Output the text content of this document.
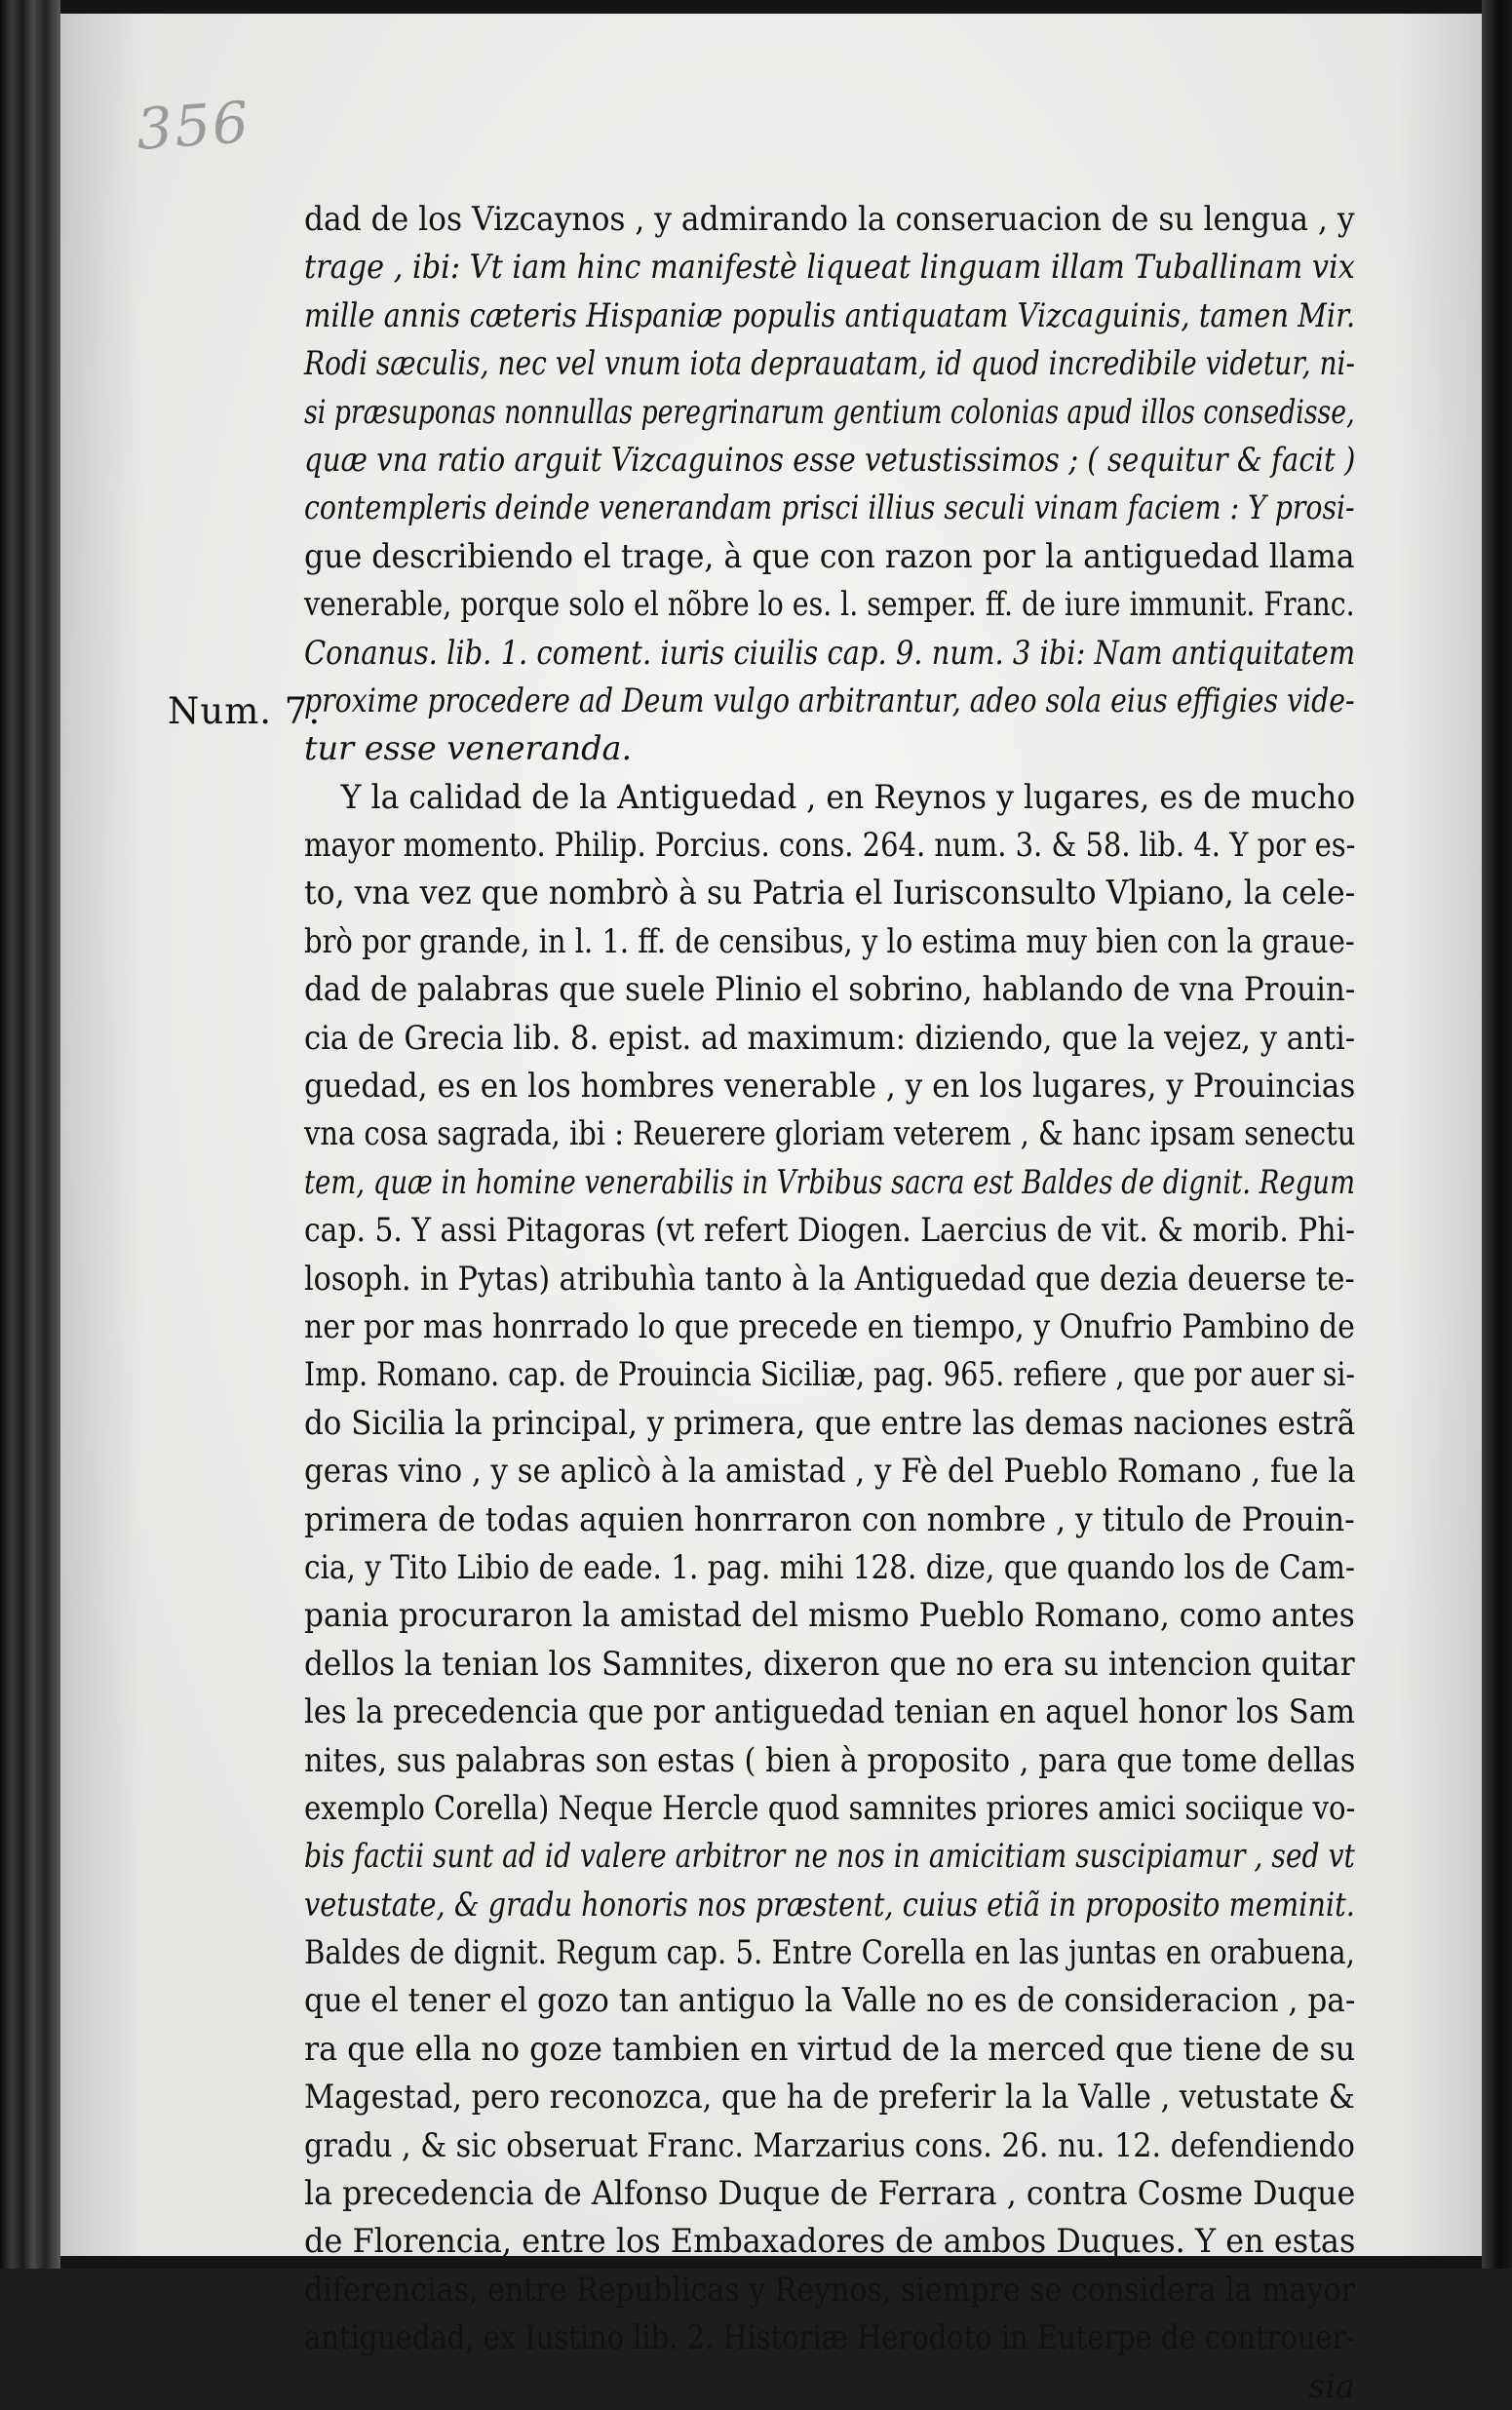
356
Num. 7.
dad de los Vizcaynos , y admirando la conseruacion de su lengua , y
trage , ibi: Vt iam hinc manifestè liqueat linguam illam Tuballinam vix
mille annis cæteris Hispaniæ populis antiquatam Vizcaguinis, tamen Mir.
Rodi sæculis, nec vel vnum iota deprauatam, id quod incredibile videtur, ni-
si præsuponas nonnullas peregrinarum gentium colonias apud illos consedisse,
quæ vna ratio arguit Vizcaguinos esse vetustissimos ; ( sequitur & facit )
contempleris deinde venerandam prisci illius seculi vinam faciem : Y prosi-
gue describiendo el trage, à que con razon por la antiguedad llama
venerable, porque solo el nõbre lo es. l. semper. ff. de iure immunit. Franc.
Conanus. lib. 1. coment. iuris ciuilis cap. 9. num. 3 ibi: Nam antiquitatem
proxime procedere ad Deum vulgo arbitrantur, adeo sola eius effigies vide-
tur esse veneranda.
Y la calidad de la Antiguedad , en Reynos y lugares, es de mucho
mayor momento. Philip. Porcius. cons. 264. num. 3. & 58. lib. 4. Y por es-
to, vna vez que nombrò à su Patria el Iurisconsulto Vlpiano, la cele-
brò por grande, in l. 1. ff. de censibus, y lo estima muy bien con la graue-
dad de palabras que suele Plinio el sobrino, hablando de vna Prouin-
cia de Grecia lib. 8. epist. ad maximum: diziendo, que la vejez, y anti-
guedad, es en los hombres venerable , y en los lugares, y Prouincias
vna cosa sagrada, ibi : Reuerere gloriam veterem , & hanc ipsam senectu
tem, quæ in homine venerabilis in Vrbibus sacra est Baldes de dignit. Regum
cap. 5. Y assi Pitagoras (vt refert Diogen. Laercius de vit. & morib. Phi-
losoph. in Pytas) atribuhìa tanto à la Antiguedad que dezia deuerse te-
ner por mas honrrado lo que precede en tiempo, y Onufrio Pambino de
Imp. Romano. cap. de Prouincia Siciliæ, pag. 965. refiere , que por auer si-
do Sicilia la principal, y primera, que entre las demas naciones estrã
geras vino , y se aplicò à la amistad , y Fè del Pueblo Romano , fue la
primera de todas aquien honrraron con nombre , y titulo de Prouin-
cia, y Tito Libio de eade. 1. pag. mihi 128. dize, que quando los de Cam-
pania procuraron la amistad del mismo Pueblo Romano, como antes
dellos la tenian los Samnites, dixeron que no era su intencion quitar
les la precedencia que por antiguedad tenian en aquel honor los Sam
nites, sus palabras son estas ( bien à proposito , para que tome dellas
exemplo Corella) Neque Hercle quod samnites priores amici sociique vo-
bis factii sunt ad id valere arbitror ne nos in amicitiam suscipiamur , sed vt
vetustate, & gradu honoris nos præstent, cuius etiã in proposito meminit.
Baldes de dignit. Regum cap. 5. Entre Corella en las juntas en orabuena,
que el tener el gozo tan antiguo la Valle no es de consideracion , pa-
ra que ella no goze tambien en virtud de la merced que tiene de su
Magestad, pero reconozca, que ha de preferir la la Valle , vetustate &
gradu , & sic obseruat Franc. Marzarius cons. 26. nu. 12. defendiendo
la precedencia de Alfonso Duque de Ferrara , contra Cosme Duque
de Florencia, entre los Embaxadores de ambos Duques. Y en estas
diferencias, entre Republicas y Reynos, siempre se considera la mayor
antiguedad, ex Iustino lib. 2. Historiæ Herodoto in Euterpe de controuer-
sia
